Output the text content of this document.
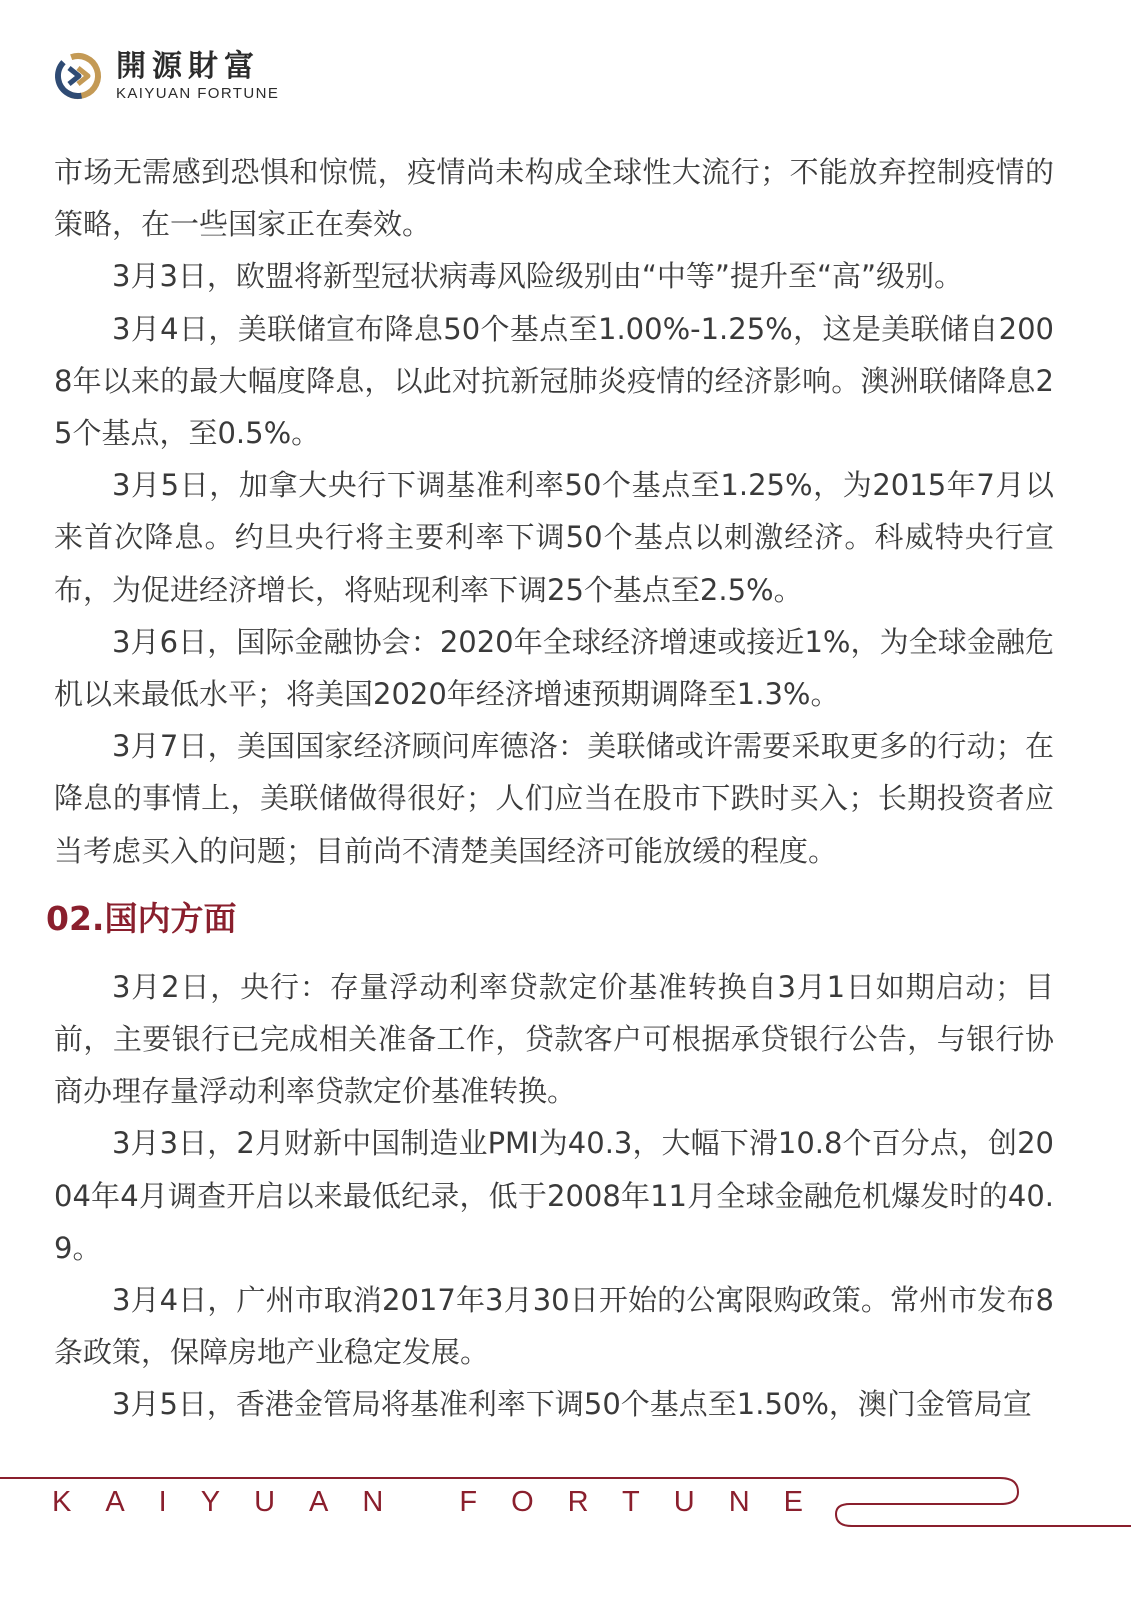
開源財富
KAIYUAN FORTUNE

市场无需感到恐惧和惊慌，疫情尚未构成全球性大流行；不能放弃控制疫情的策略，在一些国家正在奏效。

3月3日，欧盟将新型冠状病毒风险级别由“中等”提升至“高”级别。

3月4日，美联储宣布降息50个基点至1.00%-1.25%，这是美联储自2008年以来的最大幅度降息，以此对抗新冠肺炎疫情的经济影响。澳洲联储降息25个基点，至0.5%。

3月5日，加拿大央行下调基准利率50个基点至1.25%，为2015年7月以来首次降息。约旦央行将主要利率下调50个基点以刺激经济。科威特央行宣布，为促进经济增长，将贴现利率下调25个基点至2.5%。

3月6日，国际金融协会：2020年全球经济增速或接近1%，为全球金融危机以来最低水平；将美国2020年经济增速预期调降至1.3%。

3月7日，美国国家经济顾问库德洛：美联储或许需要采取更多的行动；在降息的事情上，美联储做得很好；人们应当在股市下跌时买入；长期投资者应当考虑买入的问题；目前尚不清楚美国经济可能放缓的程度。

02.国内方面

3月2日，央行：存量浮动利率贷款定价基准转换自3月1日如期启动；目前，主要银行已完成相关准备工作，贷款客户可根据承贷银行公告，与银行协商办理存量浮动利率贷款定价基准转换。

3月3日，2月财新中国制造业PMI为40.3，大幅下滑10.8个百分点，创2004年4月调查开启以来最低纪录，低于2008年11月全球金融危机爆发时的40.9。

3月4日，广州市取消2017年3月30日开始的公寓限购政策。常州市发布8条政策，保障房地产业稳定发展。

3月5日，香港金管局将基准利率下调50个基点至1.50%，澳门金管局宣

KAIYUAN FORTUNE
